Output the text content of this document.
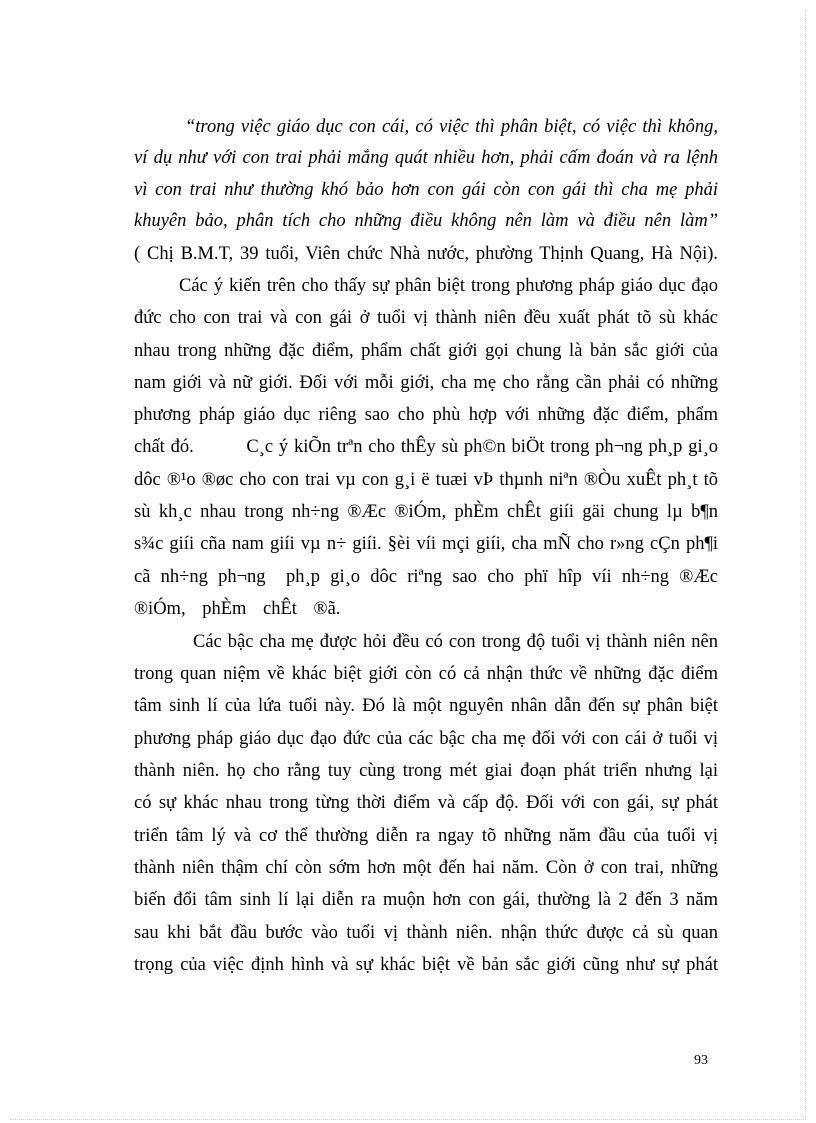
“trong việc giáo dục con cái, có việc thì phân biệt, có việc thì không,

ví dụ như với con trai phải mắng quát nhiều hơn, phải cấm đoán và ra lệnh

vì con trai như thường khó bảo hơn con gái còn con gái thì cha mẹ phải

khuyên bảo, phân tích cho những điều không nên làm và điều nên làm”

( Chị B.M.T, 39 tuổi, Viên chức Nhà nước, phường Thịnh Quang, Hà Nội).

Các ý kiến trên cho thấy sự phân biệt trong phương pháp giáo dục đạo

đức cho con trai và con gái ở tuổi vị thành niên đều xuất phát tõ sù khác

nhau trong những đặc điểm, phẩm chất giới gọi chung là bản sắc giới của

nam giới và nữ giới. Đối với mỗi giới, cha mẹ cho rằng cần phải có những

phương pháp giáo dục riêng sao cho phù hợp với những đặc điểm, phẩm

chất đó.         C¸c ý kiÕn trªn cho thÊy sù ph©n biÖt trong ph¬ng ph¸p gi¸o

dôc ®¹o ®øc cho con trai vµ con g¸i ë tuæi vÞ thµnh niªn ®Òu xuÊt ph¸t tõ

sù kh¸c nhau trong nh÷ng ®Æc ®iÓm, phÈm chÊt giíi gäi chung lµ b¶n

s¾c giíi cña nam giíi vµ n÷ giíi. §èi víi mçi giíi, cha mÑ cho r»ng cÇn ph¶i

cã nh÷ng ph¬ng  ph¸p gi¸o dôc riªng sao cho phï hîp víi nh÷ng ®Æc

®iÓm, phÈm chÊt ®ã.

Các bậc cha mẹ được hỏi đều có con trong độ tuổi vị thành niên nên

trong quan niệm về khác biệt giới còn có cả nhận thức về những đặc điểm

tâm sinh lí của lứa tuổi này. Đó là một nguyên nhân dẫn đến sự phân biệt

phương pháp giáo dục đạo đức của các bậc cha mẹ đối với con cái ở tuổi vị

thành niên. họ cho rằng tuy cùng trong mét giai đoạn phát triển nhưng lại

có sự khác nhau trong từng thời điểm và cấp độ. Đối với con gái, sự phát

triển tâm lý và cơ thể thường diễn ra ngay tõ những năm đầu của tuổi vị

thành niên thậm chí còn sớm hơn một đến hai năm. Còn ở con trai, những

biến đổi tâm sinh lí lại diễn ra muộn hơn con gái, thường là 2 đến 3 năm

sau khi bắt đầu bước vào tuổi vị thành niên. nhận thức được cả sù quan

trọng của việc định hình và sự khác biệt về bản sắc giới cũng như sự phát

93
